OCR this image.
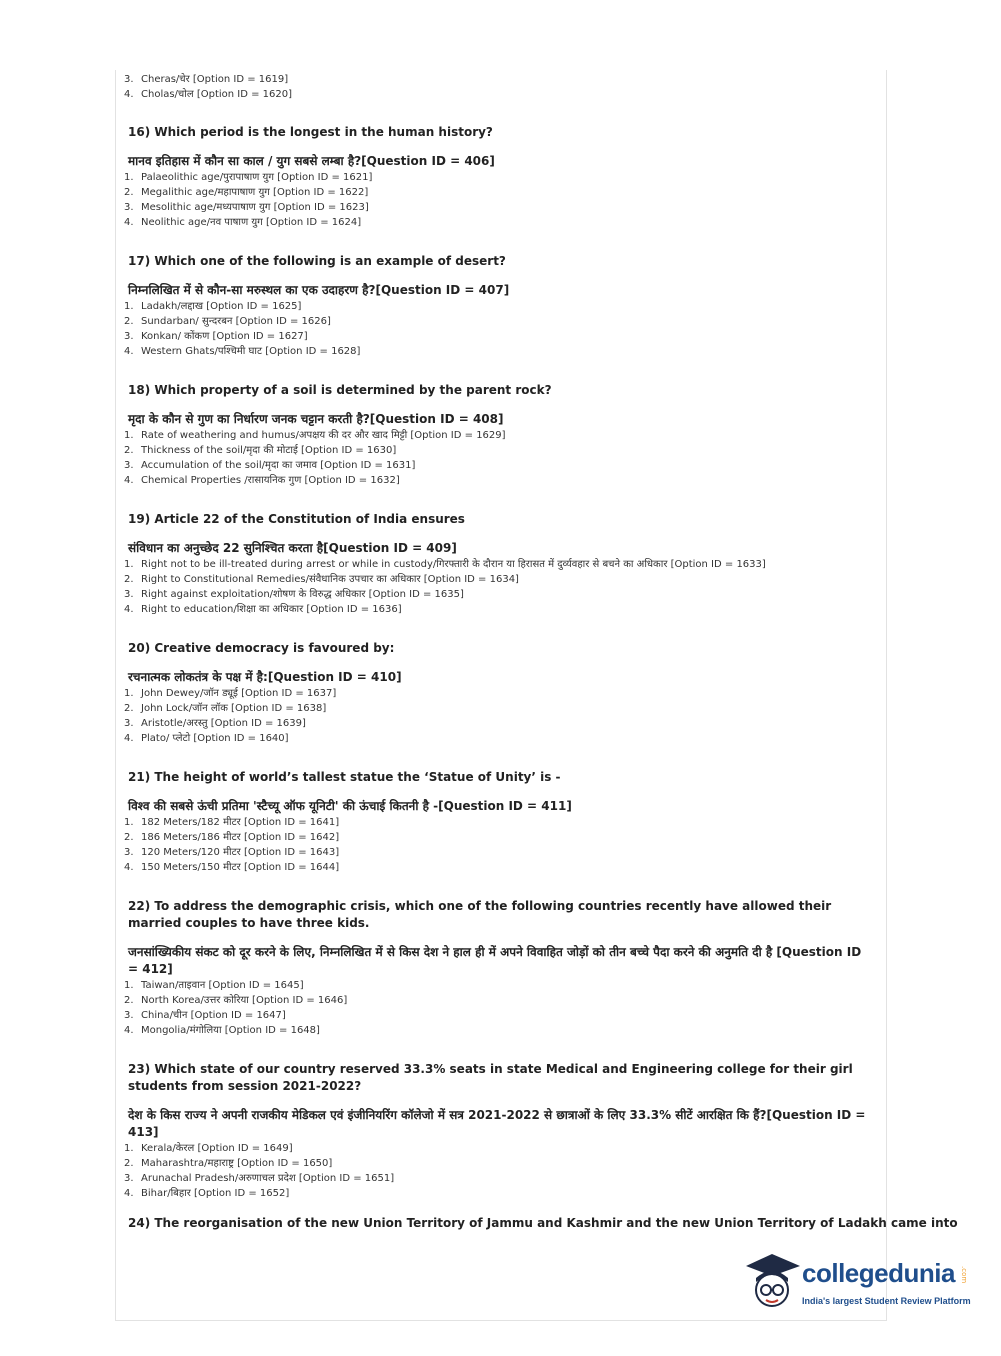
3. Cheras/चेर [Option ID = 1619]
4. Cholas/चोल [Option ID = 1620]
16) Which period is the longest in the human history?
मानव इतिहास में कौन सा काल / युग सबसे लम्बा है?[Question ID = 406]
1. Palaeolithic age/पुरापाषाण युग [Option ID = 1621]
2. Megalithic age/महापाषाण युग [Option ID = 1622]
3. Mesolithic age/मध्यपाषाण युग [Option ID = 1623]
4. Neolithic age/नव पाषाण युग [Option ID = 1624]
17) Which one of the following is an example of desert?
निम्नलिखित में से कौन-सा मरुस्थल का एक उदाहरण है?[Question ID = 407]
1. Ladakh/लद्दाख [Option ID = 1625]
2. Sundarban/ सुन्दरबन [Option ID = 1626]
3. Konkan/ कोंकण [Option ID = 1627]
4. Western Ghats/पश्चिमी घाट [Option ID = 1628]
18) Which property of a soil is determined by the parent rock?
मृदा के कौन से गुण का निर्धारण जनक चट्टान करती है?[Question ID = 408]
1. Rate of weathering and humus/अपक्षय की दर और खाद मिट्टी [Option ID = 1629]
2. Thickness of the soil/मृदा की मोटाई [Option ID = 1630]
3. Accumulation of the soil/मृदा का जमाव [Option ID = 1631]
4. Chemical Properties /रासायनिक गुण [Option ID = 1632]
19) Article 22 of the Constitution of India ensures
संविधान का अनुच्छेद 22 सुनिश्चित करता है[Question ID = 409]
1. Right not to be ill-treated during arrest or while in custody/गिरफ्तारी के दौरान या हिरासत में दुर्व्यवहार से बचने का अधिकार [Option ID = 1633]
2. Right to Constitutional Remedies/संवैधानिक उपचार का अधिकार [Option ID = 1634]
3. Right against exploitation/शोषण के विरुद्ध अधिकार [Option ID = 1635]
4. Right to education/शिक्षा का अधिकार [Option ID = 1636]
20) Creative democracy is favoured by:
रचनात्मक लोकतंत्र के पक्ष में है:[Question ID = 410]
1. John Dewey/जॉन ड्यूई [Option ID = 1637]
2. John Lock/जॉन लॉक [Option ID = 1638]
3. Aristotle/अरस्तु [Option ID = 1639]
4. Plato/ प्लेटो [Option ID = 1640]
21) The height of world’s tallest statue the ‘Statue of Unity’ is -
विश्व की सबसे ऊंची प्रतिमा 'स्टैच्यू ऑफ यूनिटी' की ऊंचाई कितनी है -[Question ID = 411]
1. 182 Meters/182 मीटर [Option ID = 1641]
2. 186 Meters/186 मीटर [Option ID = 1642]
3. 120 Meters/120 मीटर [Option ID = 1643]
4. 150 Meters/150 मीटर [Option ID = 1644]
22) To address the demographic crisis, which one of the following countries recently have allowed their married couples to have three kids.
जनसांख्यिकीय संकट को दूर करने के लिए, निम्नलिखित में से किस देश ने हाल ही में अपने विवाहित जोड़ों को तीन बच्चे पैदा करने की अनुमति दी है [Question ID = 412]
1. Taiwan/ताइवान [Option ID = 1645]
2. North Korea/उत्तर कोरिया [Option ID = 1646]
3. China/चीन [Option ID = 1647]
4. Mongolia/मंगोलिया [Option ID = 1648]
23) Which state of our country reserved 33.3% seats in state Medical and Engineering college for their girl students from session 2021-2022?
देश के किस राज्य ने अपनी राजकीय मेडिकल एवं इंजीनियरिंग कॉलेजो में सत्र 2021-2022 से छात्राओं के लिए 33.3% सीटें आरक्षित कि हैं?[Question ID = 413]
1. Kerala/केरल [Option ID = 1649]
2. Maharashtra/महाराष्ट्र [Option ID = 1650]
3. Arunachal Pradesh/अरुणाचल प्रदेश [Option ID = 1651]
4. Bihar/बिहार [Option ID = 1652]
24) The reorganisation of the new Union Territory of Jammu and Kashmir and the new Union Territory of Ladakh came into
collegedunia .com
India's largest Student Review Platform
